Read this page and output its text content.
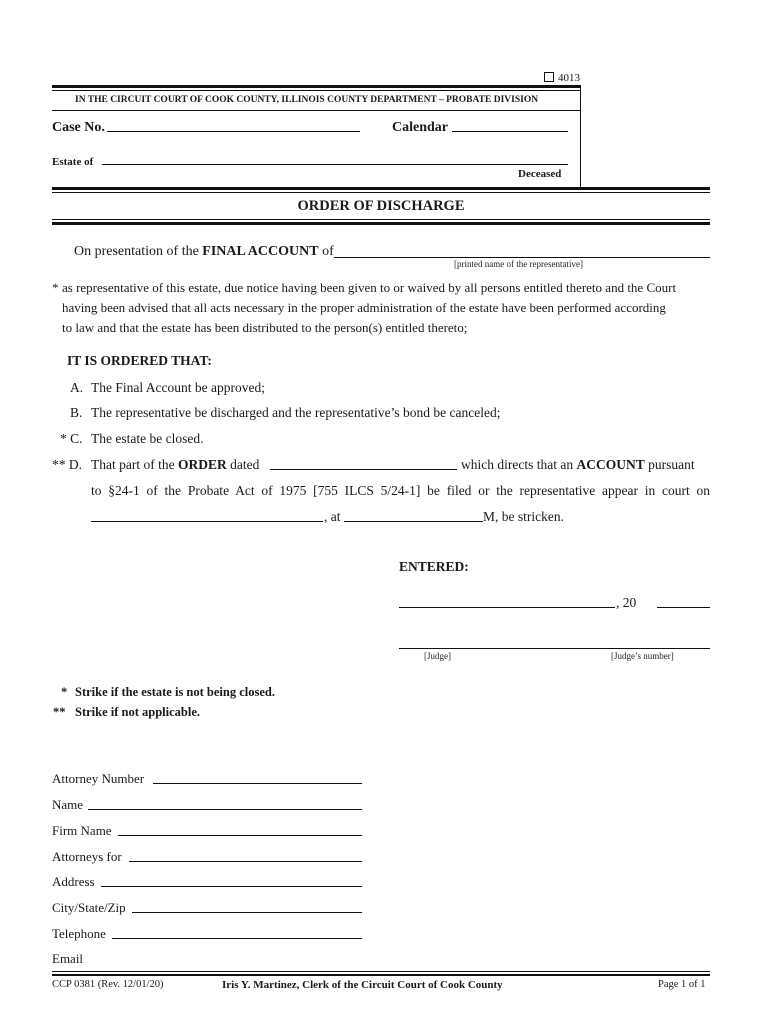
4013
IN THE CIRCUIT COURT OF COOK COUNTY, ILLINOIS COUNTY DEPARTMENT – PROBATE DIVISION
Case No.	Calendar
Estate of
Deceased
ORDER OF DISCHARGE
On presentation of the FINAL ACCOUNT of
[printed name of the representative]
* as representative of this estate, due notice having been given to or waived by all persons entitled thereto and the Court
having been advised that all acts necessary in the proper administration of the estate have been performed according
to law and that the estate has been distributed to the person(s) entitled thereto;
IT IS ORDERED THAT:
A. The Final Account be approved;
B. The representative be discharged and the representative’s bond be canceled;
* C. The estate be closed.
** D. That part of the ORDER dated	which directs that an ACCOUNT pursuant
to §24-1 of the Probate Act of 1975 [755 ILCS 5/24-1] be filed or the representative appear in court on
, at	M, be stricken.
ENTERED:
, 20
[Judge]	[Judge’s number]
* Strike if the estate is not being closed.
** Strike if not applicable.
Attorney Number
Name
Firm Name
Attorneys for
Address
City/State/Zip
Telephone
Email
CCP 0381 (Rev. 12/01/20)	Iris Y. Martinez, Clerk of the Circuit Court of Cook County	Page 1 of 1
